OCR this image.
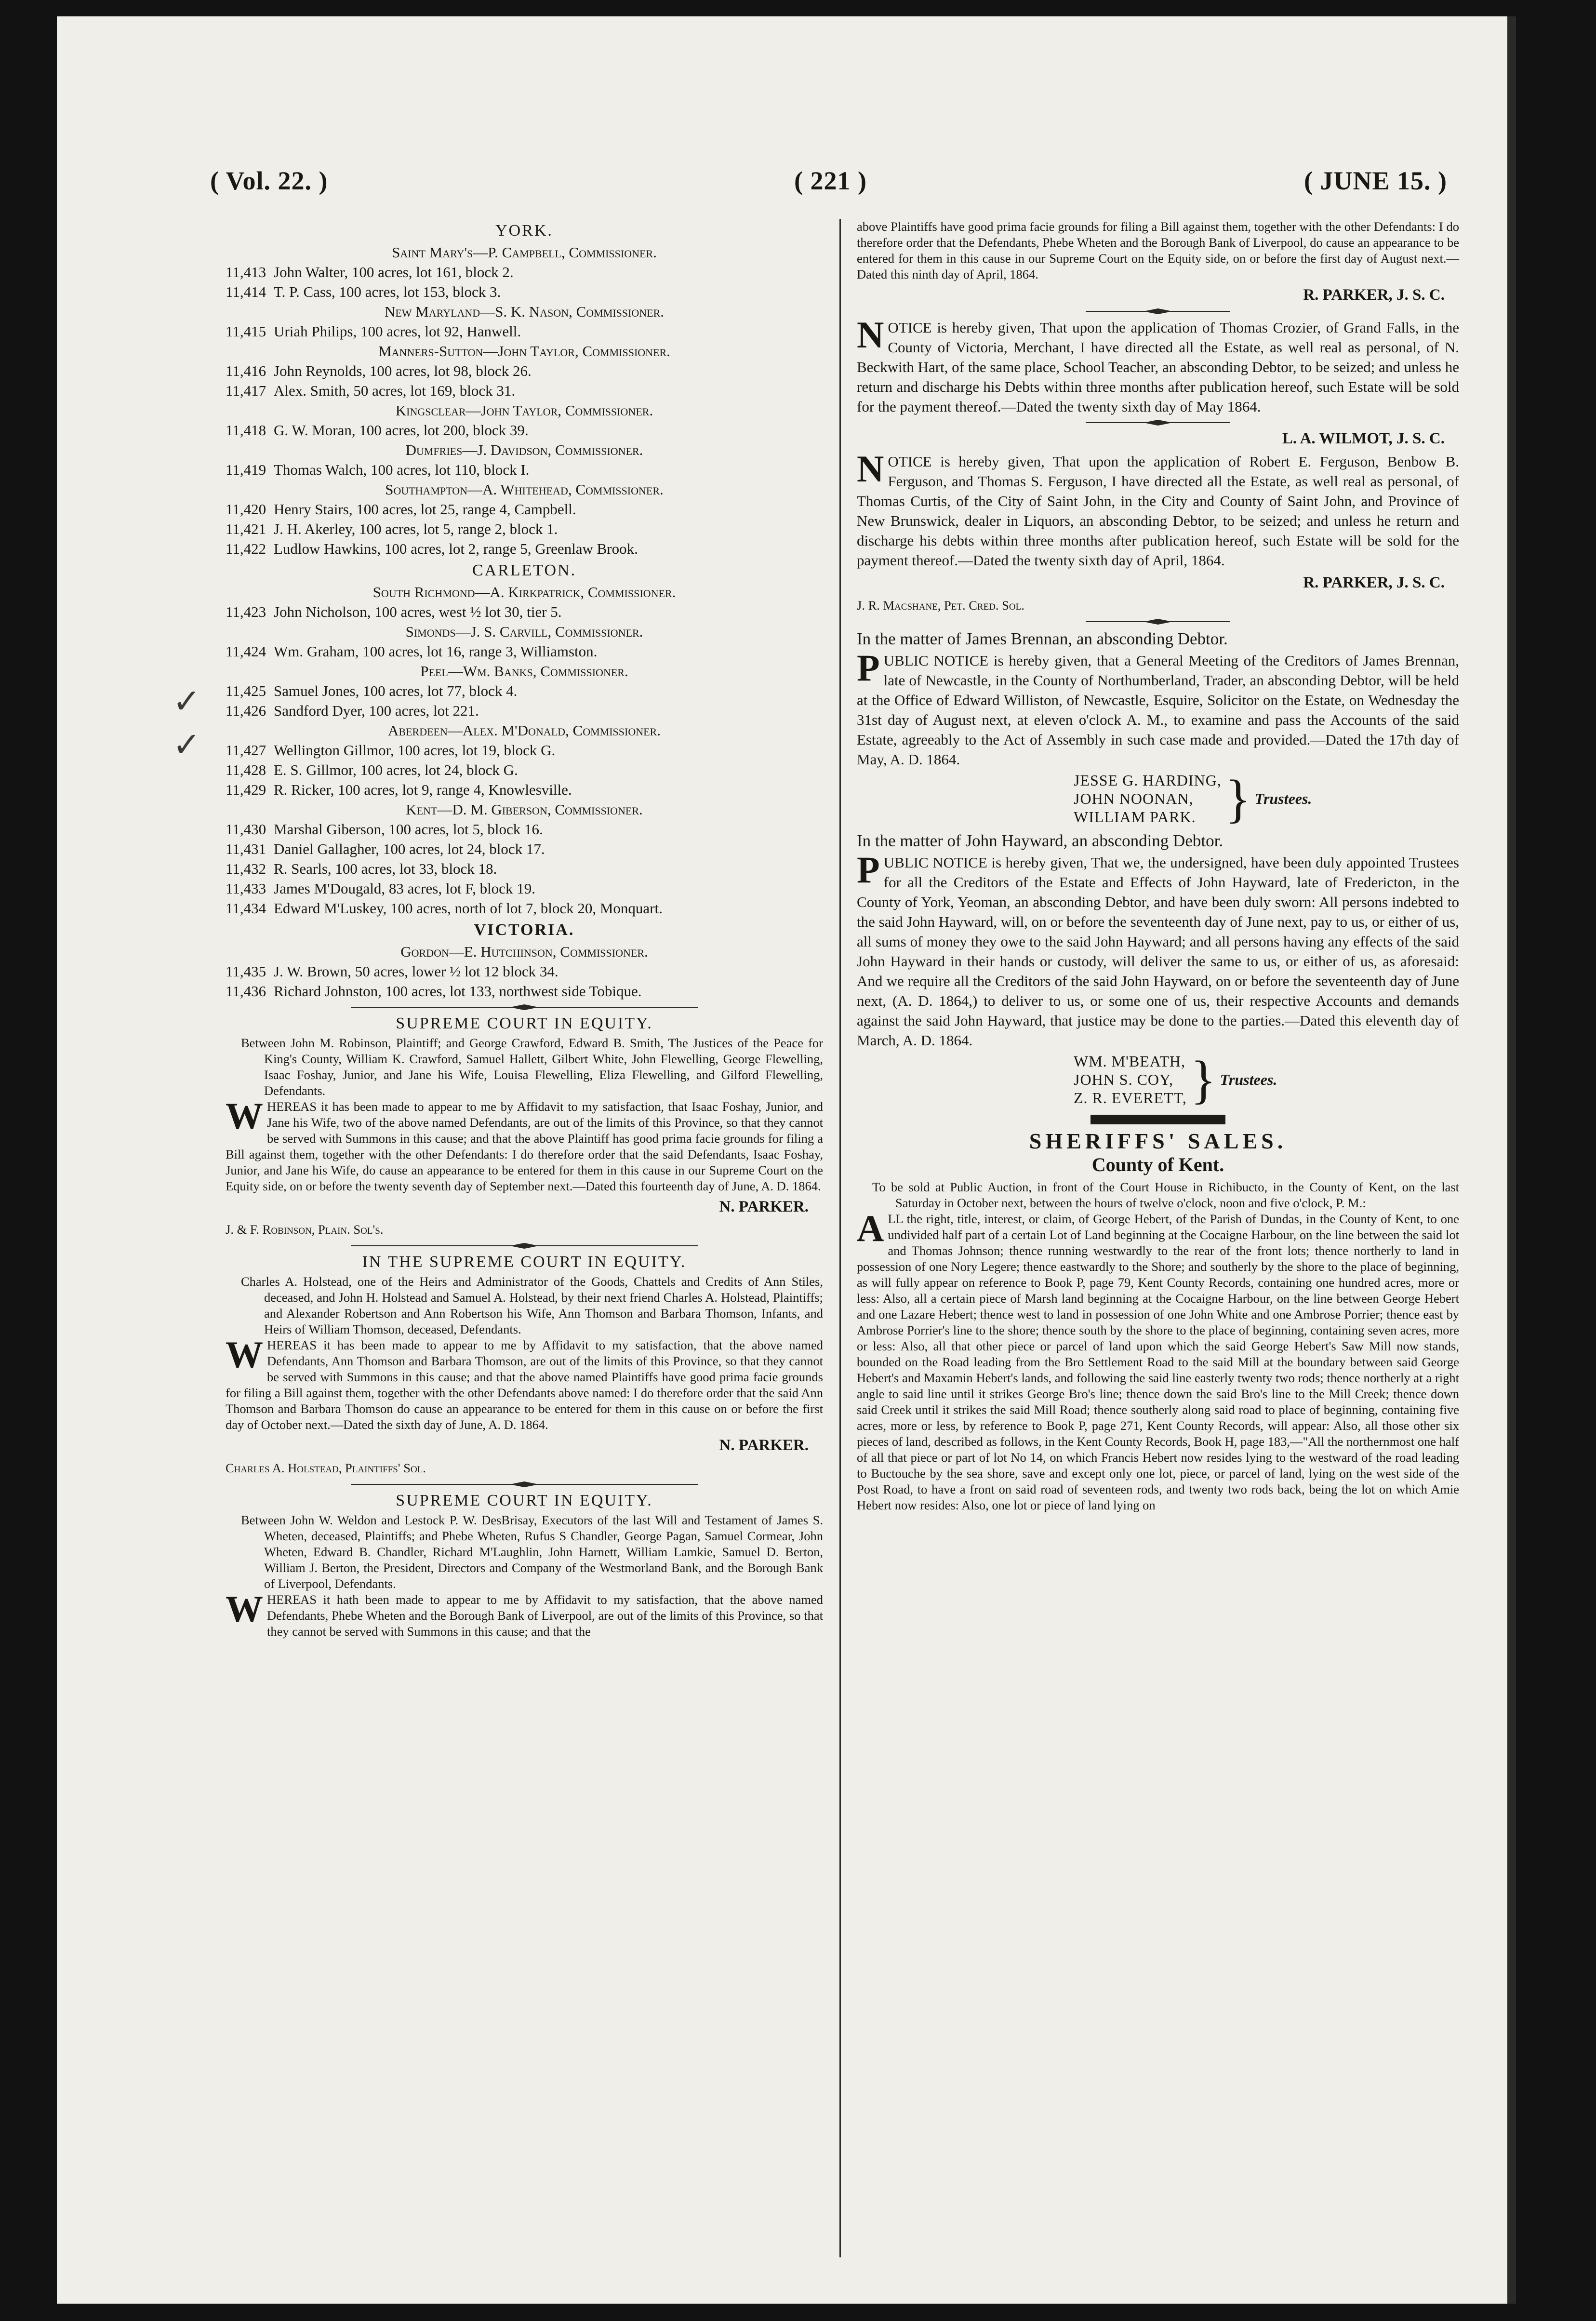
( Vol. 22. )	( 221 )	( JUNE 15. )
✓
✓
YORK.
Saint Mary's—P. Campbell, Commissioner.
11,413 John Walter, 100 acres, lot 161, block 2.
11,414 T. P. Cass, 100 acres, lot 153, block 3.
New Maryland—S. K. Nason, Commissioner.
11,415 Uriah Philips, 100 acres, lot 92, Hanwell.
Manners-Sutton—John Taylor, Commissioner.
11,416 John Reynolds, 100 acres, lot 98, block 26.
11,417 Alex. Smith, 50 acres, lot 169, block 31.
Kingsclear—John Taylor, Commissioner.
11,418 G. W. Moran, 100 acres, lot 200, block 39.
Dumfries—J. Davidson, Commissioner.
11,419 Thomas Walch, 100 acres, lot 110, block I.
Southampton—A. Whitehead, Commissioner.
11,420 Henry Stairs, 100 acres, lot 25, range 4, Campbell.
11,421 J. H. Akerley, 100 acres, lot 5, range 2, block 1.
11,422 Ludlow Hawkins, 100 acres, lot 2, range 5, Greenlaw Brook.
CARLETON.
South Richmond—A. Kirkpatrick, Commissioner.
11,423 John Nicholson, 100 acres, west ½ lot 30, tier 5.
Simonds—J. S. Carvill, Commissioner.
11,424 Wm. Graham, 100 acres, lot 16, range 3, Williamston.
Peel—Wm. Banks, Commissioner.
11,425 Samuel Jones, 100 acres, lot 77, block 4.
11,426 Sandford Dyer, 100 acres, lot 221.
Aberdeen—Alex. M'Donald, Commissioner.
11,427 Wellington Gillmor, 100 acres, lot 19, block G.
11,428 E. S. Gillmor, 100 acres, lot 24, block G.
11,429 R. Ricker, 100 acres, lot 9, range 4, Knowlesville.
Kent—D. M. Giberson, Commissioner.
11,430 Marshal Giberson, 100 acres, lot 5, block 16.
11,431 Daniel Gallagher, 100 acres, lot 24, block 17.
11,432 R. Searls, 100 acres, lot 33, block 18.
11,433 James M'Dougald, 83 acres, lot F, block 19.
11,434 Edward M'Luskey, 100 acres, north of lot 7, block 20, Monquart.
VICTORIA.
Gordon—E. Hutchinson, Commissioner.
11,435 J. W. Brown, 50 acres, lower ½ lot 12 block 34.
11,436 Richard Johnston, 100 acres, lot 133, northwest side Tobique.
SUPREME COURT IN EQUITY.
Between John M. Robinson, Plaintiff; and George Crawford, Edward B. Smith, The Justices of the Peace for King's County, William K. Crawford, Samuel Hallett, Gilbert White, John Flewelling, George Flewelling, Isaac Foshay, Junior, and Jane his Wife, Louisa Flewelling, Eliza Flewelling, and Gilford Flewelling, Defendants.
WHEREAS it has been made to appear to me by Affidavit to my satisfaction, that Isaac Foshay, Junior, and Jane his Wife, two of the above named Defendants, are out of the limits of this Province, so that they cannot be served with Summons in this cause; and that the above Plaintiff has good prima facie grounds for filing a Bill against them, together with the other Defendants: I do therefore order that the said Defendants, Isaac Foshay, Junior, and Jane his Wife, do cause an appearance to be entered for them in this cause in our Supreme Court on the Equity side, on or before the twenty seventh day of September next.—Dated this fourteenth day of June, A. D. 1864.
N. PARKER.
J. & F. Robinson, Plain. Sol's.
IN THE SUPREME COURT IN EQUITY.
Charles A. Holstead, one of the Heirs and Administrator of the Goods, Chattels and Credits of Ann Stiles, deceased, and John H. Holstead and Samuel A. Holstead, by their next friend Charles A. Holstead, Plaintiffs; and Alexander Robertson and Ann Robertson his Wife, Ann Thomson and Barbara Thomson, Infants, and Heirs of William Thomson, deceased, Defendants.
WHEREAS it has been made to appear to me by Affidavit to my satisfaction, that the above named Defendants, Ann Thomson and Barbara Thomson, are out of the limits of this Province, so that they cannot be served with Summons in this cause; and that the above named Plaintiffs have good prima facie grounds for filing a Bill against them, together with the other Defendants above named: I do therefore order that the said Ann Thomson and Barbara Thomson do cause an appearance to be entered for them in this cause on or before the first day of October next.—Dated the sixth day of June, A. D. 1864.
N. PARKER.
Charles A. Holstead, Plaintiffs' Sol.
SUPREME COURT IN EQUITY.
Between John W. Weldon and Lestock P. W. DesBrisay, Executors of the last Will and Testament of James S. Wheten, deceased, Plaintiffs; and Phebe Wheten, Rufus S Chandler, George Pagan, Samuel Cormear, John Wheten, Edward B. Chandler, Richard M'Laughlin, John Harnett, William Lamkie, Samuel D. Berton, William J. Berton, the President, Directors and Company of the Westmorland Bank, and the Borough Bank of Liverpool, Defendants.
WHEREAS it hath been made to appear to me by Affidavit to my satisfaction, that the above named Defendants, Phebe Wheten and the Borough Bank of Liverpool, are out of the limits of this Province, so that they cannot be served with Summons in this cause; and that the
above Plaintiffs have good prima facie grounds for filing a Bill against them, together with the other Defendants: I do therefore order that the Defendants, Phebe Wheten and the Borough Bank of Liverpool, do cause an appearance to be entered for them in this cause in our Supreme Court on the Equity side, on or before the first day of August next.—Dated this ninth day of April, 1864.
R. PARKER, J. S. C.
NOTICE is hereby given, That upon the application of Thomas Crozier, of Grand Falls, in the County of Victoria, Merchant, I have directed all the Estate, as well real as personal, of N. Beckwith Hart, of the same place, School Teacher, an absconding Debtor, to be seized; and unless he return and discharge his Debts within three months after publication hereof, such Estate will be sold for the payment thereof.—Dated the twenty sixth day of May 1864.
L. A. WILMOT, J. S. C.
NOTICE is hereby given, That upon the application of Robert E. Ferguson, Benbow B. Ferguson, and Thomas S. Ferguson, I have directed all the Estate, as well real as personal, of Thomas Curtis, of the City of Saint John, in the City and County of Saint John, and Province of New Brunswick, dealer in Liquors, an absconding Debtor, to be seized; and unless he return and discharge his debts within three months after publication hereof, such Estate will be sold for the payment thereof.—Dated the twenty sixth day of April, 1864.
R. PARKER, J. S. C.
J. R. Macshane, Pet. Cred. Sol.
In the matter of James Brennan, an absconding Debtor.
PUBLIC NOTICE is hereby given, that a General Meeting of the Creditors of James Brennan, late of Newcastle, in the County of Northumberland, Trader, an absconding Debtor, will be held at the Office of Edward Williston, of Newcastle, Esquire, Solicitor on the Estate, on Wednesday the 31st day of August next, at eleven o'clock A. M., to examine and pass the Accounts of the said Estate, agreeably to the Act of Assembly in such case made and provided.—Dated the 17th day of May, A. D. 1864.
JESSE G. HARDING,
JOHN NOONAN,
WILLIAM PARK. } Trustees.
In the matter of John Hayward, an absconding Debtor.
PUBLIC NOTICE is hereby given, That we, the undersigned, have been duly appointed Trustees for all the Creditors of the Estate and Effects of John Hayward, late of Fredericton, in the County of York, Yeoman, an absconding Debtor, and have been duly sworn: All persons indebted to the said John Hayward, will, on or before the seventeenth day of June next, pay to us, or either of us, all sums of money they owe to the said John Hayward; and all persons having any effects of the said John Hayward in their hands or custody, will deliver the same to us, or either of us, as aforesaid: And we require all the Creditors of the said John Hayward, on or before the seventeenth day of June next, (A. D. 1864,) to deliver to us, or some one of us, their respective Accounts and demands against the said John Hayward, that justice may be done to the parties.—Dated this eleventh day of March, A. D. 1864.
WM. M'BEATH,
JOHN S. COY,
Z. R. EVERETT, } Trustees.
SHERIFFS' SALES.
County of Kent.
To be sold at Public Auction, in front of the Court House in Richibucto, in the County of Kent, on the last Saturday in October next, between the hours of twelve o'clock, noon and five o'clock, P. M.:
ALL the right, title, interest, or claim, of George Hebert, of the Parish of Dundas, in the County of Kent, to one undivided half part of a certain Lot of Land beginning at the Cocaigne Harbour, on the line between the said lot and Thomas Johnson; thence running westwardly to the rear of the front lots; thence northerly to land in possession of one Nory Legere; thence eastwardly to the Shore; and southerly by the shore to the place of beginning, as will fully appear on reference to Book P, page 79, Kent County Records, containing one hundred acres, more or less: Also, all a certain piece of Marsh land beginning at the Cocaigne Harbour, on the line between George Hebert and one Lazare Hebert; thence west to land in possession of one John White and one Ambrose Porrier; thence east by Ambrose Porrier's line to the shore; thence south by the shore to the place of beginning, containing seven acres, more or less: Also, all that other piece or parcel of land upon which the said George Hebert's Saw Mill now stands, bounded on the Road leading from the Bro Settlement Road to the said Mill at the boundary between said George Hebert's and Maxamin Hebert's lands, and following the said line easterly twenty two rods; thence northerly at a right angle to said line until it strikes George Bro's line; thence down the said Bro's line to the Mill Creek; thence down said Creek until it strikes the said Mill Road; thence southerly along said road to place of beginning, containing five acres, more or less, by reference to Book P, page 271, Kent County Records, will appear: Also, all those other six pieces of land, described as follows, in the Kent County Records, Book H, page 183,—"All the northernmost one half of all that piece or part of lot No 14, on which Francis Hebert now resides lying to the westward of the road leading to Buctouche by the sea shore, save and except only one lot, piece, or parcel of land, lying on the west side of the Post Road, to have a front on said road of seventeen rods, and twenty two rods back, being the lot on which Amie Hebert now resides: Also, one lot or piece of land lying on
